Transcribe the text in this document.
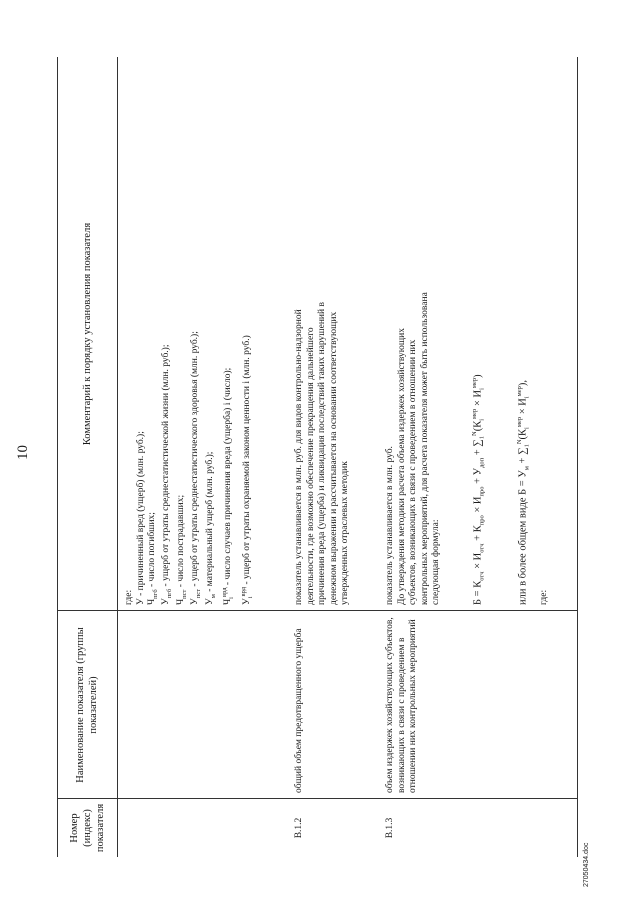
10
Номер (индекс) показателя
Наименование показателя (группы показателей)
Комментарий к порядку установления показателя
где: У - причиненный вред (ущерб) (млн. руб.);
$Ч_{пгб}$ - число погибших;
$У_{пгб}$ - ущерб от утраты среднестатистической жизни (млн. руб.);
$Ч_{пст}$ - число пострадавших;
$У_{пст}$ - ущерб от утраты среднестатистического здоровья (млн. руб.);
$У_м$ - материальный ущерб (млн. руб.);
$Ч_i^{врд}$ - число случаев причинения вреда (ущерба) i (число);
$У_i^{врд}$ - ущерб от утраты охраняемой законом ценности i (млн. руб.)
B.1.2
общий объем предотвращенного ущерба
показатель устанавливается в млн. руб. для видов контрольно-надзорной деятельности, где возможно обеспечение прекращения дальнейшего причинения вреда (ущерба) и ликвидация последствий таких нарушений в денежном выражении и рассчитывается на основании соответствующих утвержденных отраслевых методик
B.1.3
объем издержек хозяйствующих субъектов, возникающих в связи с проведением в отношении них контрольных мероприятий
показатель устанавливается в млн. руб. До утверждения методики расчета объема издержек хозяйствующих субъектов, возникающих в связи с проведением в отношении них контрольных мероприятий, для расчета показателя может быть использована следующая формула:	$Б = К_{отч} \times И_{отч} + К_{про} \times И_{про} + У_{доп} + \sum_1^N(К_i^{мер} \times И_i^{мер})$
или в более общем виде $Б = У_м + \sum_1^N(К_i^{мер} \times И_i^{мер})$,
где:
27050434.doc
